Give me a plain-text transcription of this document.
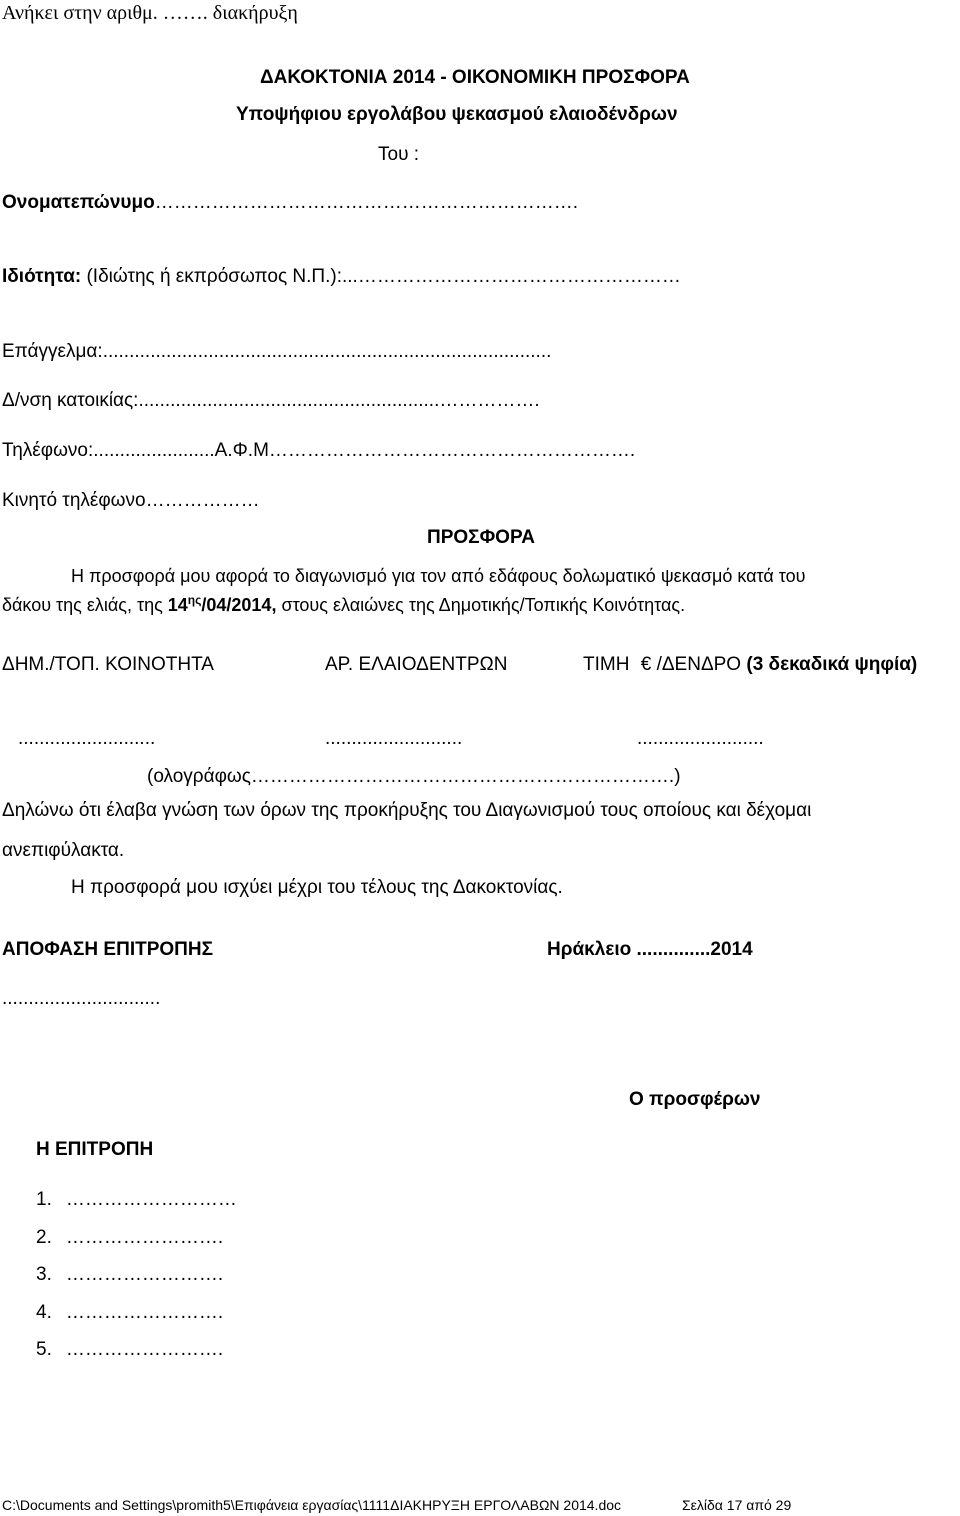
Ανήκει στην αριθμ. ……. διακήρυξη
ΔΑΚΟΚΤΟΝΙΑ 2014 - ΟΙΚΟΝΟΜΙΚΗ ΠΡΟΣΦΟΡΑ
Υποψήφιου εργολάβου ψεκασμού ελαιοδένδρων
Του :
Ονοματεπώνυμο………………………………………………………….
Ιδιότητα: (Ιδιώτης ή εκπρόσωπος Ν.Π.):...……………………………………………
Επάγγελμα:.....................................................................................
Δ/νση κατοικίας:.........................................................…………….
Τηλέφωνο:.......................Α.Φ.Μ………………………………………………….
Κινητό τηλέφωνο………………
ΠΡΟΣΦΟΡΑ
Η προσφορά μου αφορά το διαγωνισμό για τον από εδάφους δολωματικό ψεκασμό κατά του
δάκου της ελιάς, της $14^{\eta\varsigma}/04/2014$, στους ελαιώνες της Δημοτικής/Τοπικής Κοινότητας.
ΔΗΜ./ΤΟΠ. ΚΟΙΝΟΤΗΤΑ	ΑΡ. ΕΛΑΙΟΔΕΝΤΡΩΝ	ΤΙΜΗ € /ΔΕΝΔΡΟ (3 δεκαδικά ψηφία)
..........................	..........................	........................
(ολογράφως………………………………………………………….)
Δηλώνω ότι έλαβα γνώση των όρων της προκήρυξης του Διαγωνισμού τους οποίους και δέχομαι
ανεπιφύλακτα.
Η προσφορά μου ισχύει μέχρι του τέλους της Δακοκτονίας.
ΑΠΟΦΑΣΗ ΕΠΙΤΡΟΠΗΣ	Ηράκλειο ..............2014
..............................
Ο προσφέρων
Η ΕΠΙΤΡΟΠΗ
1. ………………………
2. …………………….
3. …………………….
4. …………………….
5. …………………….
C:\Documents and Settings\promith5\Επιφάνεια εργασίας\1111ΔΙΑΚΗΡΥΞΗ ΕΡΓΟΛΑΒΩΝ 2014.doc	Σελίδα 17 από 29
